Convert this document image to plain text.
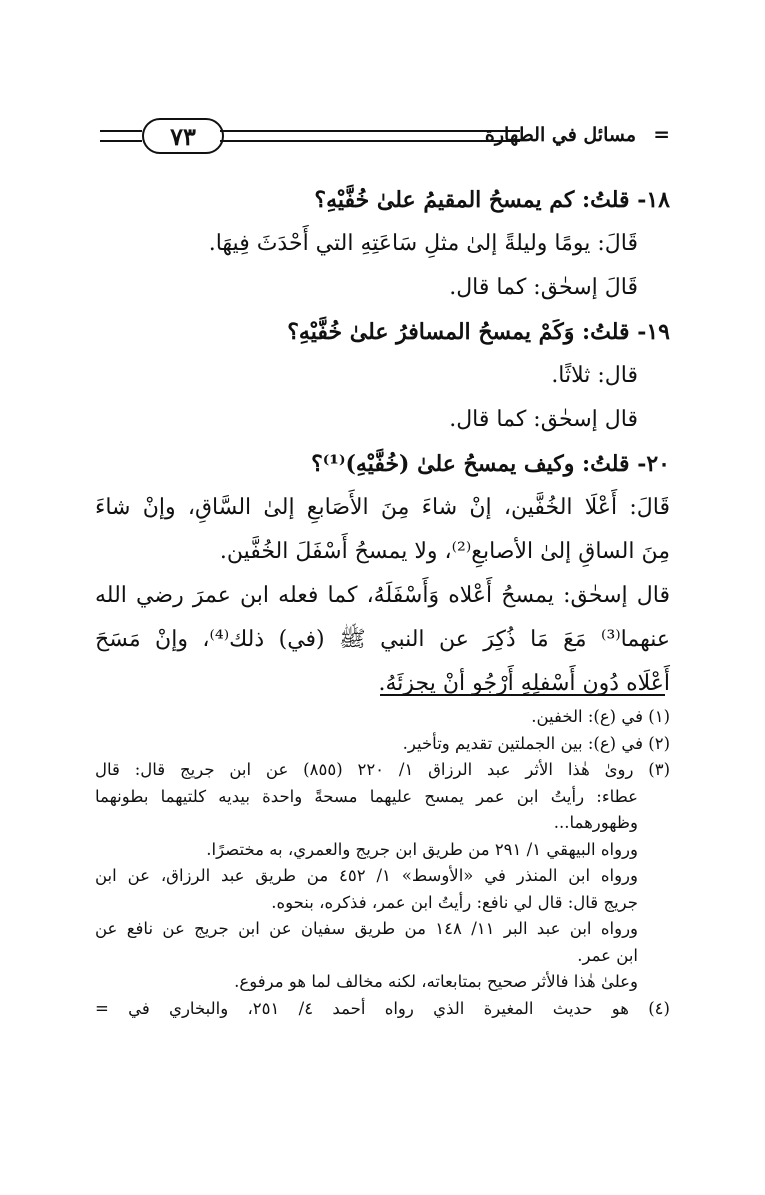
٧٣	مسائل في الطهارة =
١٨- قلتُ: كم يمسحُ المقيمُ علىٰ خُفَّيْهِ؟
قَالَ: يومًا وليلةً إلىٰ مثلِ سَاعَتِهِ التي أَحْدَثَ فِيهَا.
قَالَ إسحٰق: كما قال.
١٩- قلتُ: وَكَمْ يمسحُ المسافرُ علىٰ خُفَّيْهِ؟
قال: ثلاثًا.
قال إسحٰق: كما قال.
٢٠- قلتُ: وكيف يمسحُ علىٰ (خُفَّيْهِ)⁽¹⁾؟
قَالَ: أَعْلَا الخُفَّين، إنْ شاءَ مِنَ الأَصَابعِ إلىٰ السَّاقِ، وإنْ شاءَ
مِنَ الساقِ إلىٰ الأصابعِ⁽²⁾، ولا يمسحُ أَسْفَلَ الخُفَّين.
قال إسحٰق: يمسحُ أَعْلاه وَأَسْفَلَهُ، كما فعله ابن عمرَ رضي الله
عنهما⁽³⁾ مَعَ مَا ذُكِرَ عن النبي ﷺ (في) ذلك⁽⁴⁾، وإنْ مَسَحَ
أَعْلَاه دُون أَسْفلِهِ أَرْجُو أنْ يجزئَهُ.
(١) في (ع): الخفين.
(٢) في (ع): بين الجملتين تقديم وتأخير.
(٣) روىٰ هٰذا الأثر عبد الرزاق ١/ ٢٢٠ (٨٥٥) عن ابن جريج قال: قال
عطاء: رأيتُ ابن عمر يمسح عليهما مسحةً واحدة بيديه كلتيهما بطونهما
وظهورهما...
ورواه البيهقي ١/ ٢٩١ من طريق ابن جريج والعمري، به مختصرًا.
ورواه ابن المنذر في «الأوسط» ١/ ٤٥٢ من طريق عبد الرزاق، عن ابن
جريج قال: قال لي نافع: رأيتُ ابن عمر، فذكره، بنحوه.
ورواه ابن عبد البر ١١/ ١٤٨ من طريق سفيان عن ابن جريج عن نافع عن
ابن عمر.
وعلىٰ هٰذا فالأثر صحيح بمتابعاته، لكنه مخالف لما هو مرفوع.
(٤) هو حديث المغيرة الذي رواه أحمد ٤/ ٢٥١، والبخاري في =
